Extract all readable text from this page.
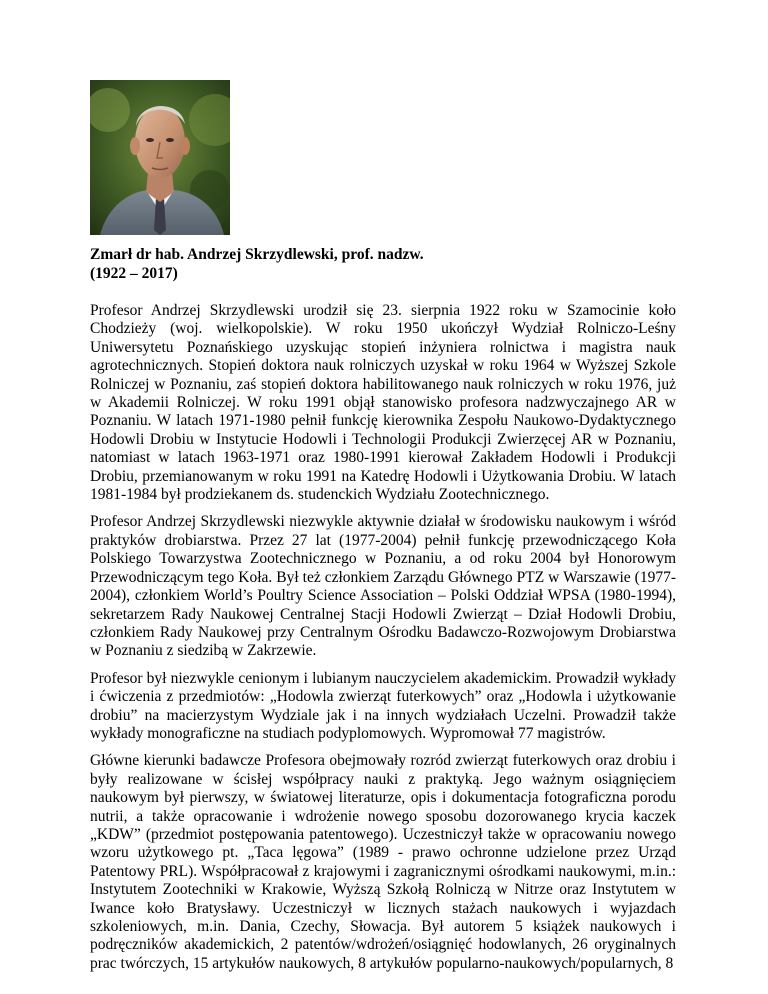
Zmarł dr hab. Andrzej Skrzydlewski, prof. nadzw.
(1922 – 2017)

Profesor Andrzej Skrzydlewski urodził się 23. sierpnia 1922 roku w Szamocinie koło Chodzieży (woj. wielkopolskie). W roku 1950 ukończył Wydział Rolniczo-Leśny Uniwersytetu Poznańskiego uzyskując stopień inżyniera rolnictwa i magistra nauk agrotechnicznych. Stopień doktora nauk rolniczych uzyskał w roku 1964 w Wyższej Szkole Rolniczej w Poznaniu, zaś stopień doktora habilitowanego nauk rolniczych w roku 1976, już w Akademii Rolniczej. W roku 1991 objął stanowisko profesora nadzwyczajnego AR w Poznaniu. W latach 1971-1980 pełnił funkcję kierownika Zespołu Naukowo-Dydaktycznego Hodowli Drobiu w Instytucie Hodowli i Technologii Produkcji Zwierzęcej AR w Poznaniu, natomiast w latach 1963-1971 oraz 1980-1991 kierował Zakładem Hodowli i Produkcji Drobiu, przemianowanym w roku 1991 na Katedrę Hodowli i Użytkowania Drobiu. W latach 1981-1984 był prodziekanem ds. studenckich Wydziału Zootechnicznego.

Profesor Andrzej Skrzydlewski niezwykle aktywnie działał w środowisku naukowym i wśród praktyków drobiarstwa. Przez 27 lat (1977-2004) pełnił funkcję przewodniczącego Koła Polskiego Towarzystwa Zootechnicznego w Poznaniu, a od roku 2004 był Honorowym Przewodniczącym tego Koła. Był też członkiem Zarządu Głównego PTZ w Warszawie (1977-2004), członkiem World’s Poultry Science Association – Polski Oddział WPSA (1980-1994), sekretarzem Rady Naukowej Centralnej Stacji Hodowli Zwierząt – Dział Hodowli Drobiu, członkiem Rady Naukowej przy Centralnym Ośrodku Badawczo-Rozwojowym Drobiarstwa w Poznaniu z siedzibą w Zakrzewie.

Profesor był niezwykle cenionym i lubianym nauczycielem akademickim. Prowadził wykłady i ćwiczenia z przedmiotów: „Hodowla zwierząt futerkowych” oraz „Hodowla i użytkowanie drobiu” na macierzystym Wydziale jak i na innych wydziałach Uczelni. Prowadził także wykłady monograficzne na studiach podyplomowych. Wypromował 77 magistrów.

Główne kierunki badawcze Profesora obejmowały rozród zwierząt futerkowych oraz drobiu i były realizowane w ścisłej współpracy nauki z praktyką. Jego ważnym osiągnięciem naukowym był pierwszy, w światowej literaturze, opis i dokumentacja fotograficzna porodu nutrii, a także opracowanie i wdrożenie nowego sposobu dozorowanego krycia kaczek „KDW” (przedmiot postępowania patentowego). Uczestniczył także w opracowaniu nowego wzoru użytkowego pt. „Taca lęgowa” (1989 - prawo ochronne udzielone przez Urząd Patentowy PRL). Współpracował z krajowymi i zagranicznymi ośrodkami naukowymi, m.in.: Instytutem Zootechniki w Krakowie, Wyższą Szkołą Rolniczą w Nitrze oraz Instytutem w Iwance koło Bratysławy. Uczestniczył w licznych stażach naukowych i wyjazdach szkoleniowych, m.in. Dania, Czechy, Słowacja. Był autorem 5 książek naukowych i podręczników akademickich, 2 patentów/wdrożeń/osiągnięć hodowlanych, 26 oryginalnych prac twórczych, 15 artykułów naukowych, 8 artykułów popularno-naukowych/popularnych, 8
